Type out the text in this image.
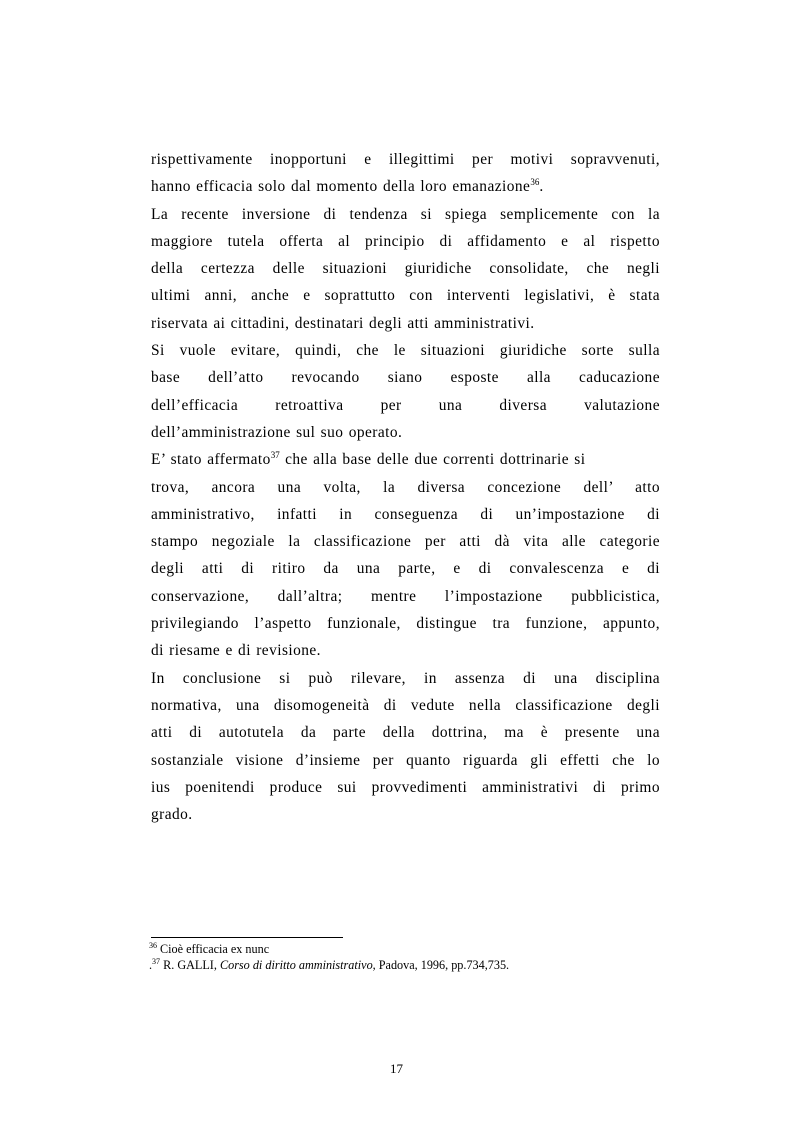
rispettivamente inopportuni e illegittimi per motivi sopravvenuti,
hanno efficacia solo dal momento della loro emanazione$^{36}$.
La recente inversione di tendenza si spiega semplicemente con la
maggiore tutela offerta al principio di affidamento e al rispetto
della certezza delle situazioni giuridiche consolidate, che negli
ultimi anni, anche e soprattutto con interventi legislativi, è stata
riservata ai cittadini, destinatari degli atti amministrativi.
Si vuole evitare, quindi, che le situazioni giuridiche sorte sulla
base dell’atto revocando siano esposte alla caducazione
dell’efficacia retroattiva per una diversa valutazione
dell’amministrazione sul suo operato.
E’ stato affermato$^{37}$ che alla base delle due correnti dottrinarie si
trova, ancora una volta, la diversa concezione dell’ atto
amministrativo, infatti in conseguenza di un’impostazione di
stampo negoziale la classificazione per atti dà vita alle categorie
degli atti di ritiro da una parte, e di convalescenza e di
conservazione, dall’altra; mentre l’impostazione pubblicistica,
privilegiando l’aspetto funzionale, distingue tra funzione, appunto,
di riesame e di revisione.
In conclusione si può rilevare, in assenza di una disciplina
normativa, una disomogeneità di vedute nella classificazione degli
atti di autotutela da parte della dottrina, ma è presente una
sostanziale visione d’insieme per quanto riguarda gli effetti che lo
ius poenitendi produce sui provvedimenti amministrativi di primo
grado.
$^{36}$ Cioè efficacia ex nunc
.$^{37}$ R. GALLI, Corso di diritto amministrativo, Padova, 1996, pp.734,735.
17
